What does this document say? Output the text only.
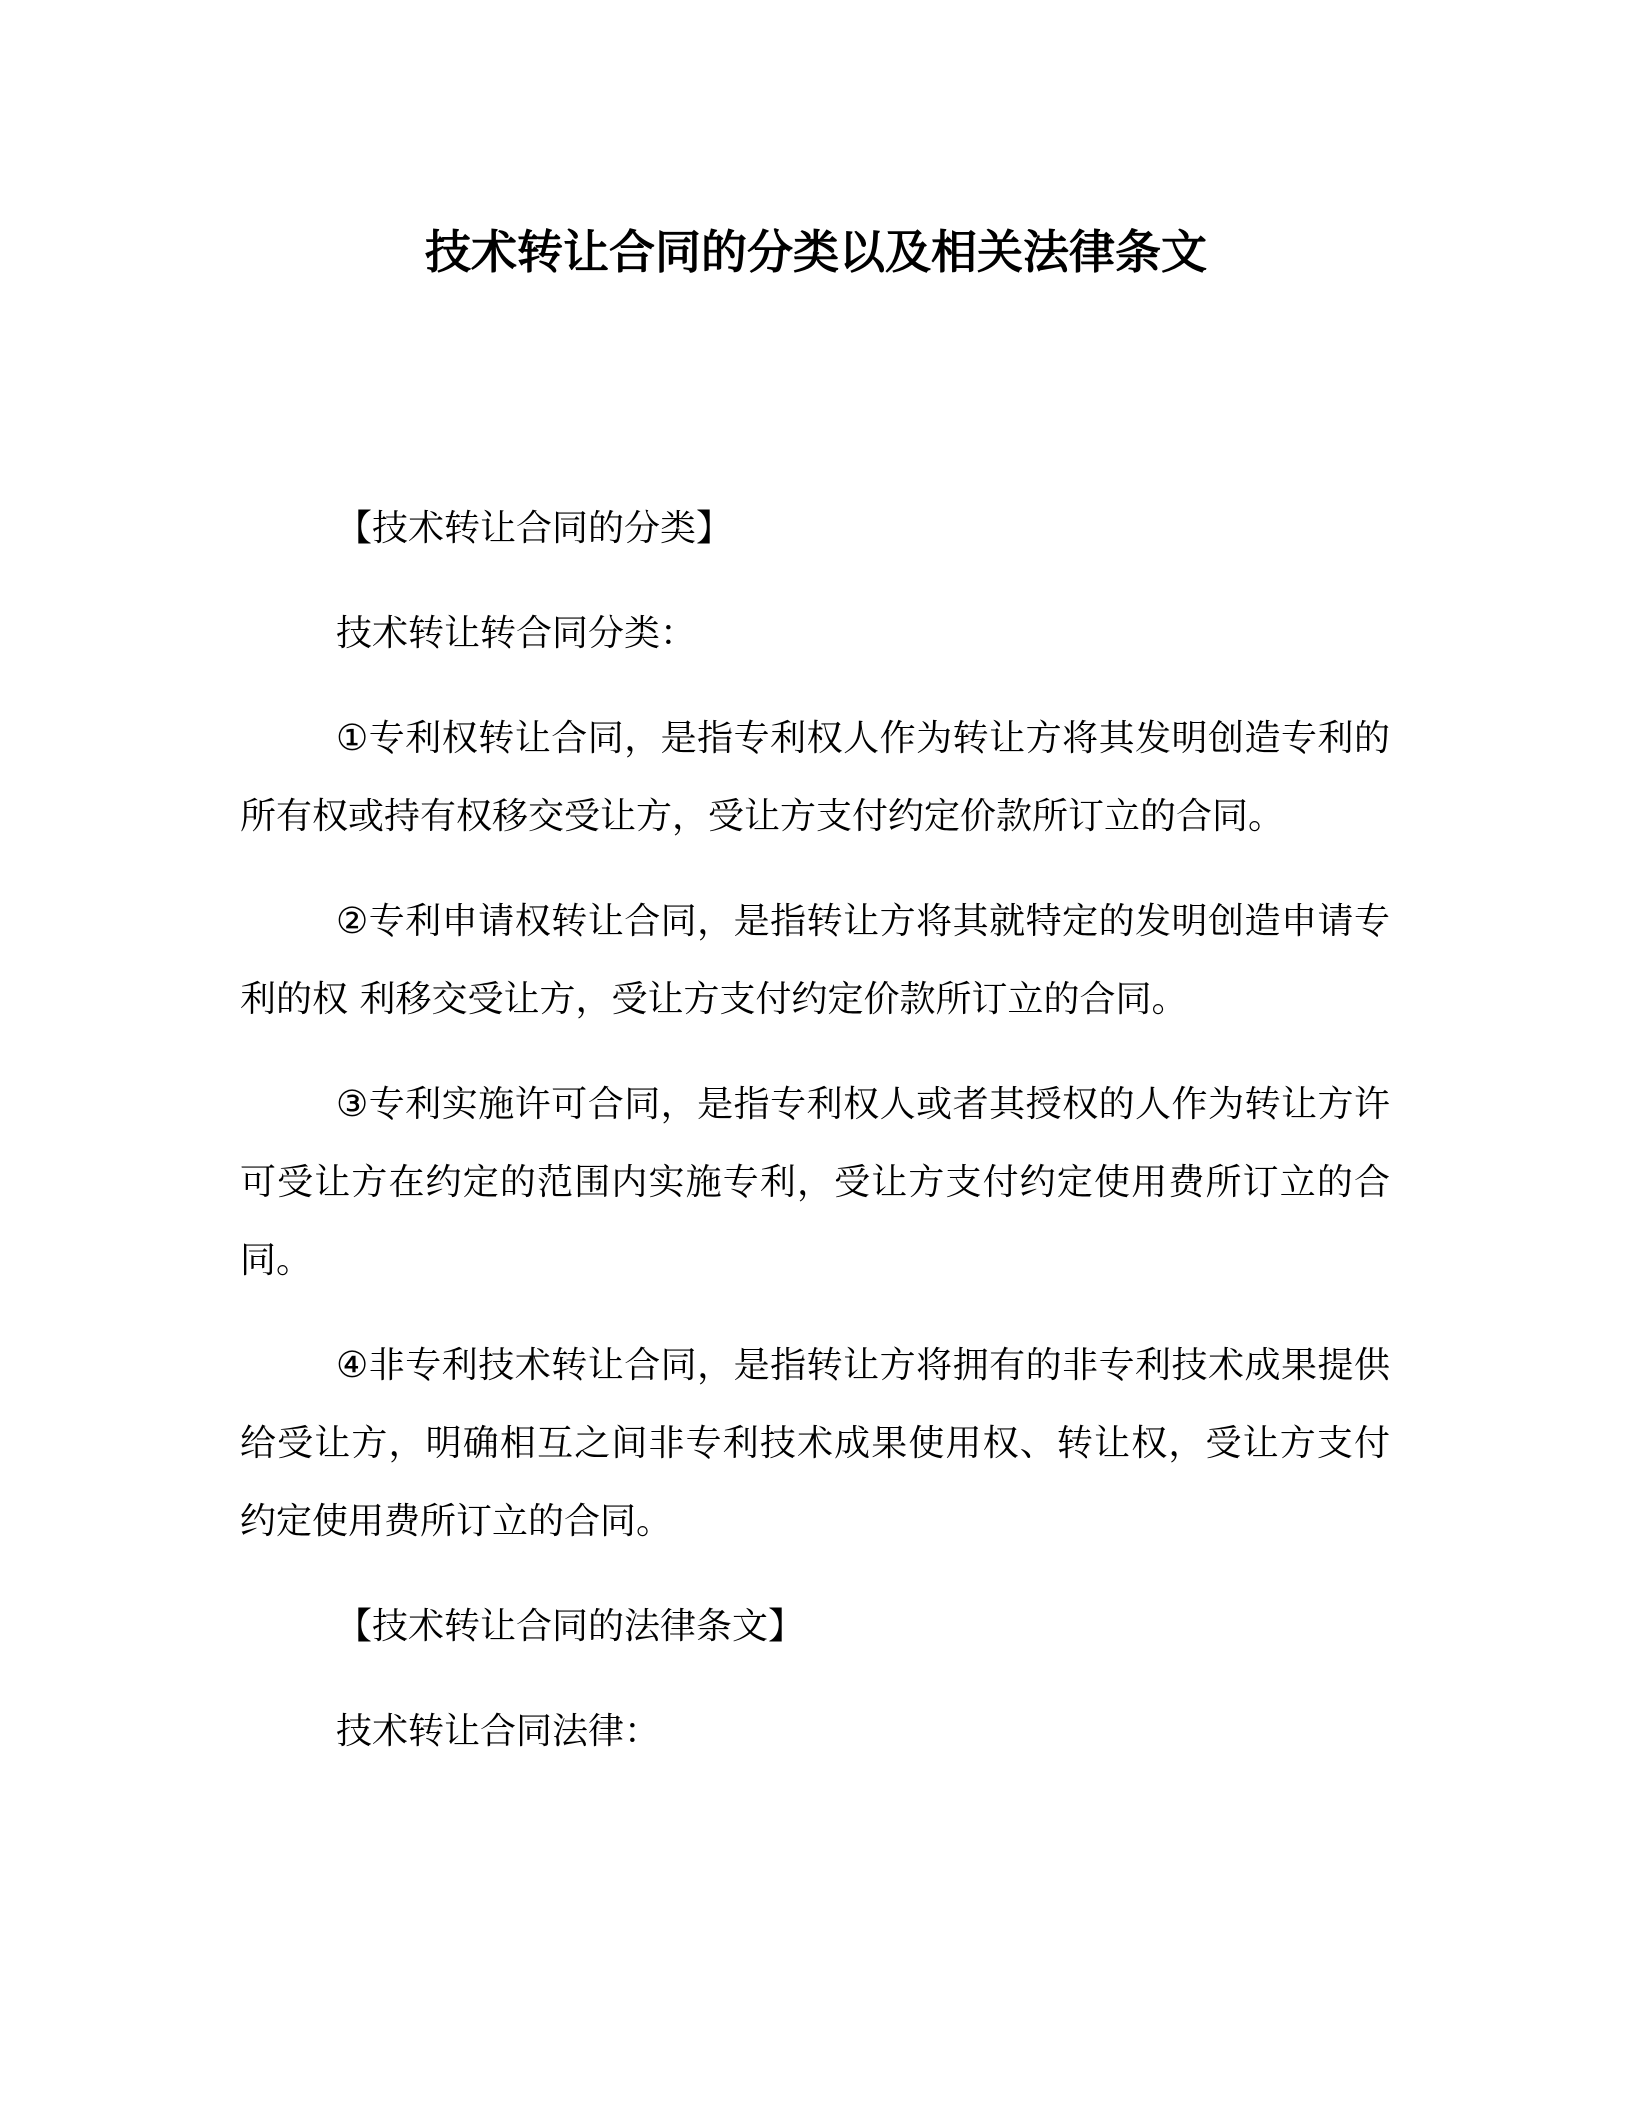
技术转让合同的分类以及相关法律条文

【技术转让合同的分类】

技术转让转合同分类：

①专利权转让合同，是指专利权人作为转让方将其发明创造专利的所有权或持有权移交受让方，受让方支付约定价款所订立的合同。

②专利申请权转让合同，是指转让方将其就特定的发明创造申请专利的权 利移交受让方，受让方支付约定价款所订立的合同。

③专利实施许可合同，是指专利权人或者其授权的人作为转让方许可受让方在约定的范围内实施专利，受让方支付约定使用费所订立的合同。

④非专利技术转让合同，是指转让方将拥有的非专利技术成果提供给受让方，明确相互之间非专利技术成果使用权、转让权，受让方支付约定使用费所订立的合同。

【技术转让合同的法律条文】

技术转让合同法律：
